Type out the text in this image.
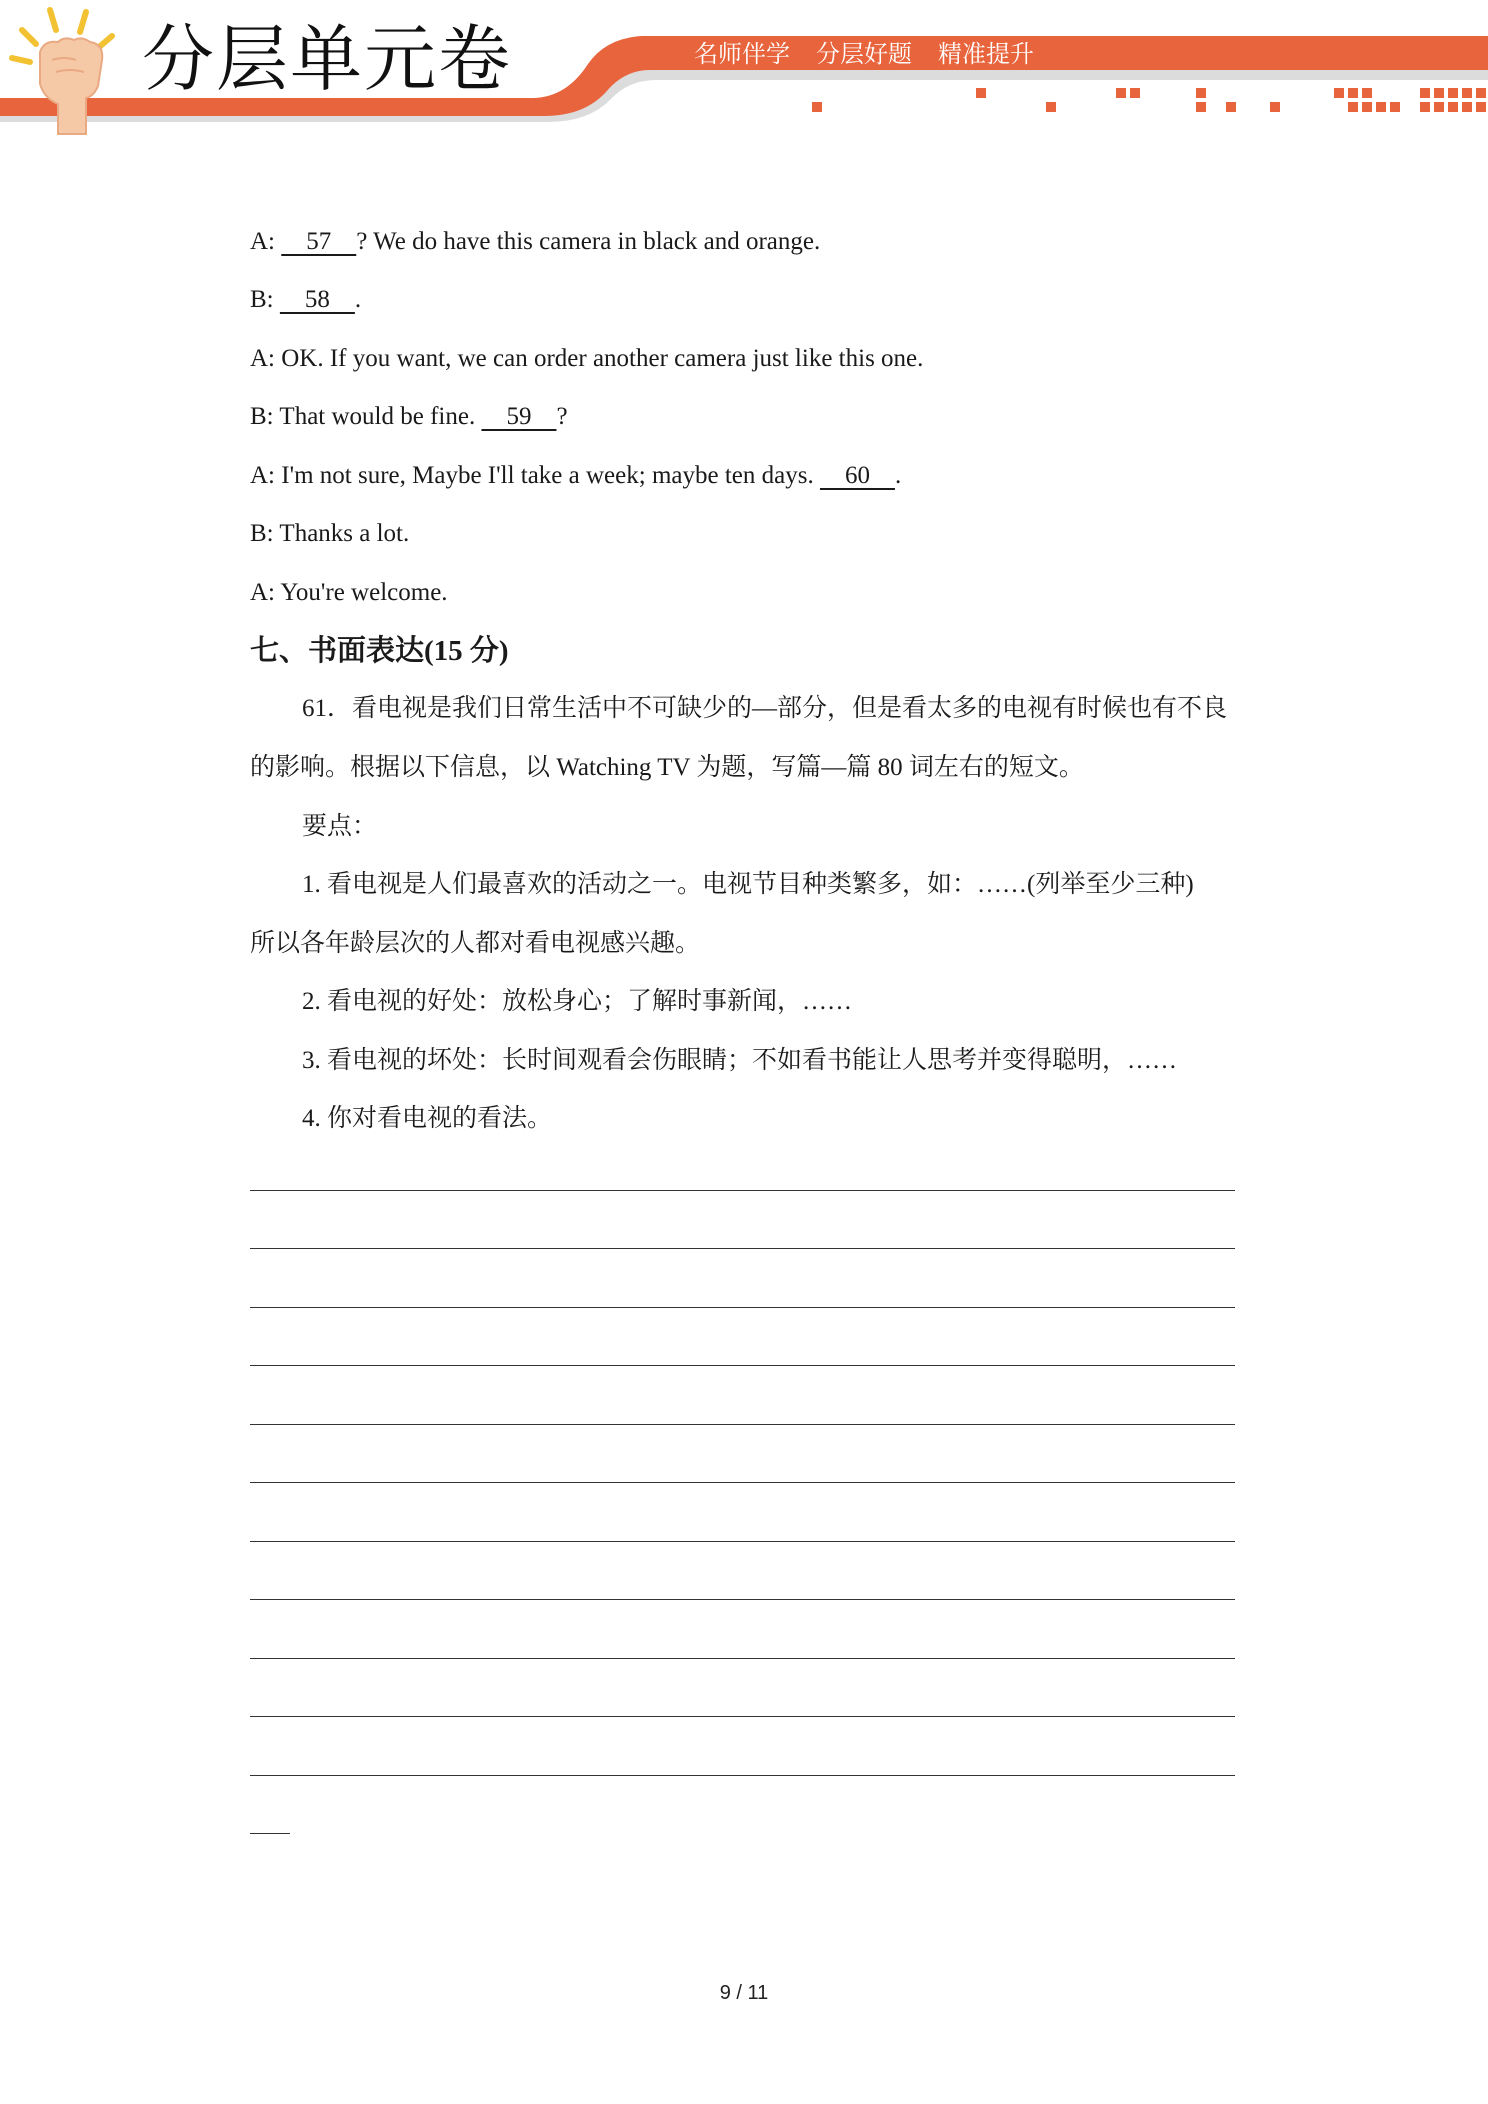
分层单元卷	名师伴学 分层好题 精准提升
A:     57    ? We do have this camera in black and orange.
B:     58    .
A: OK. If you want, we can order another camera just like this one.
B: That would be fine.     59    ?
A: I'm not sure, Maybe I'll take a week; maybe ten days.     60    .
B: Thanks a lot.
A: You're welcome.
七、书面表达(15 分)
61．看电视是我们日常生活中不可缺少的—部分，但是看太多的电视有时候也有不良的影响。根据以下信息，以 Watching TV 为题，写篇—篇 80 词左右的短文。
要点：
1. 看电视是人们最喜欢的活动之一。电视节目种类繁多，如：……(列举至少三种)
所以各年龄层次的人都对看电视感兴趣。
2. 看电视的好处：放松身心；了解时事新闻，……
3. 看电视的坏处：长时间观看会伤眼睛；不如看书能让人思考并变得聪明，……
4. 你对看电视的看法。
9 / 11
